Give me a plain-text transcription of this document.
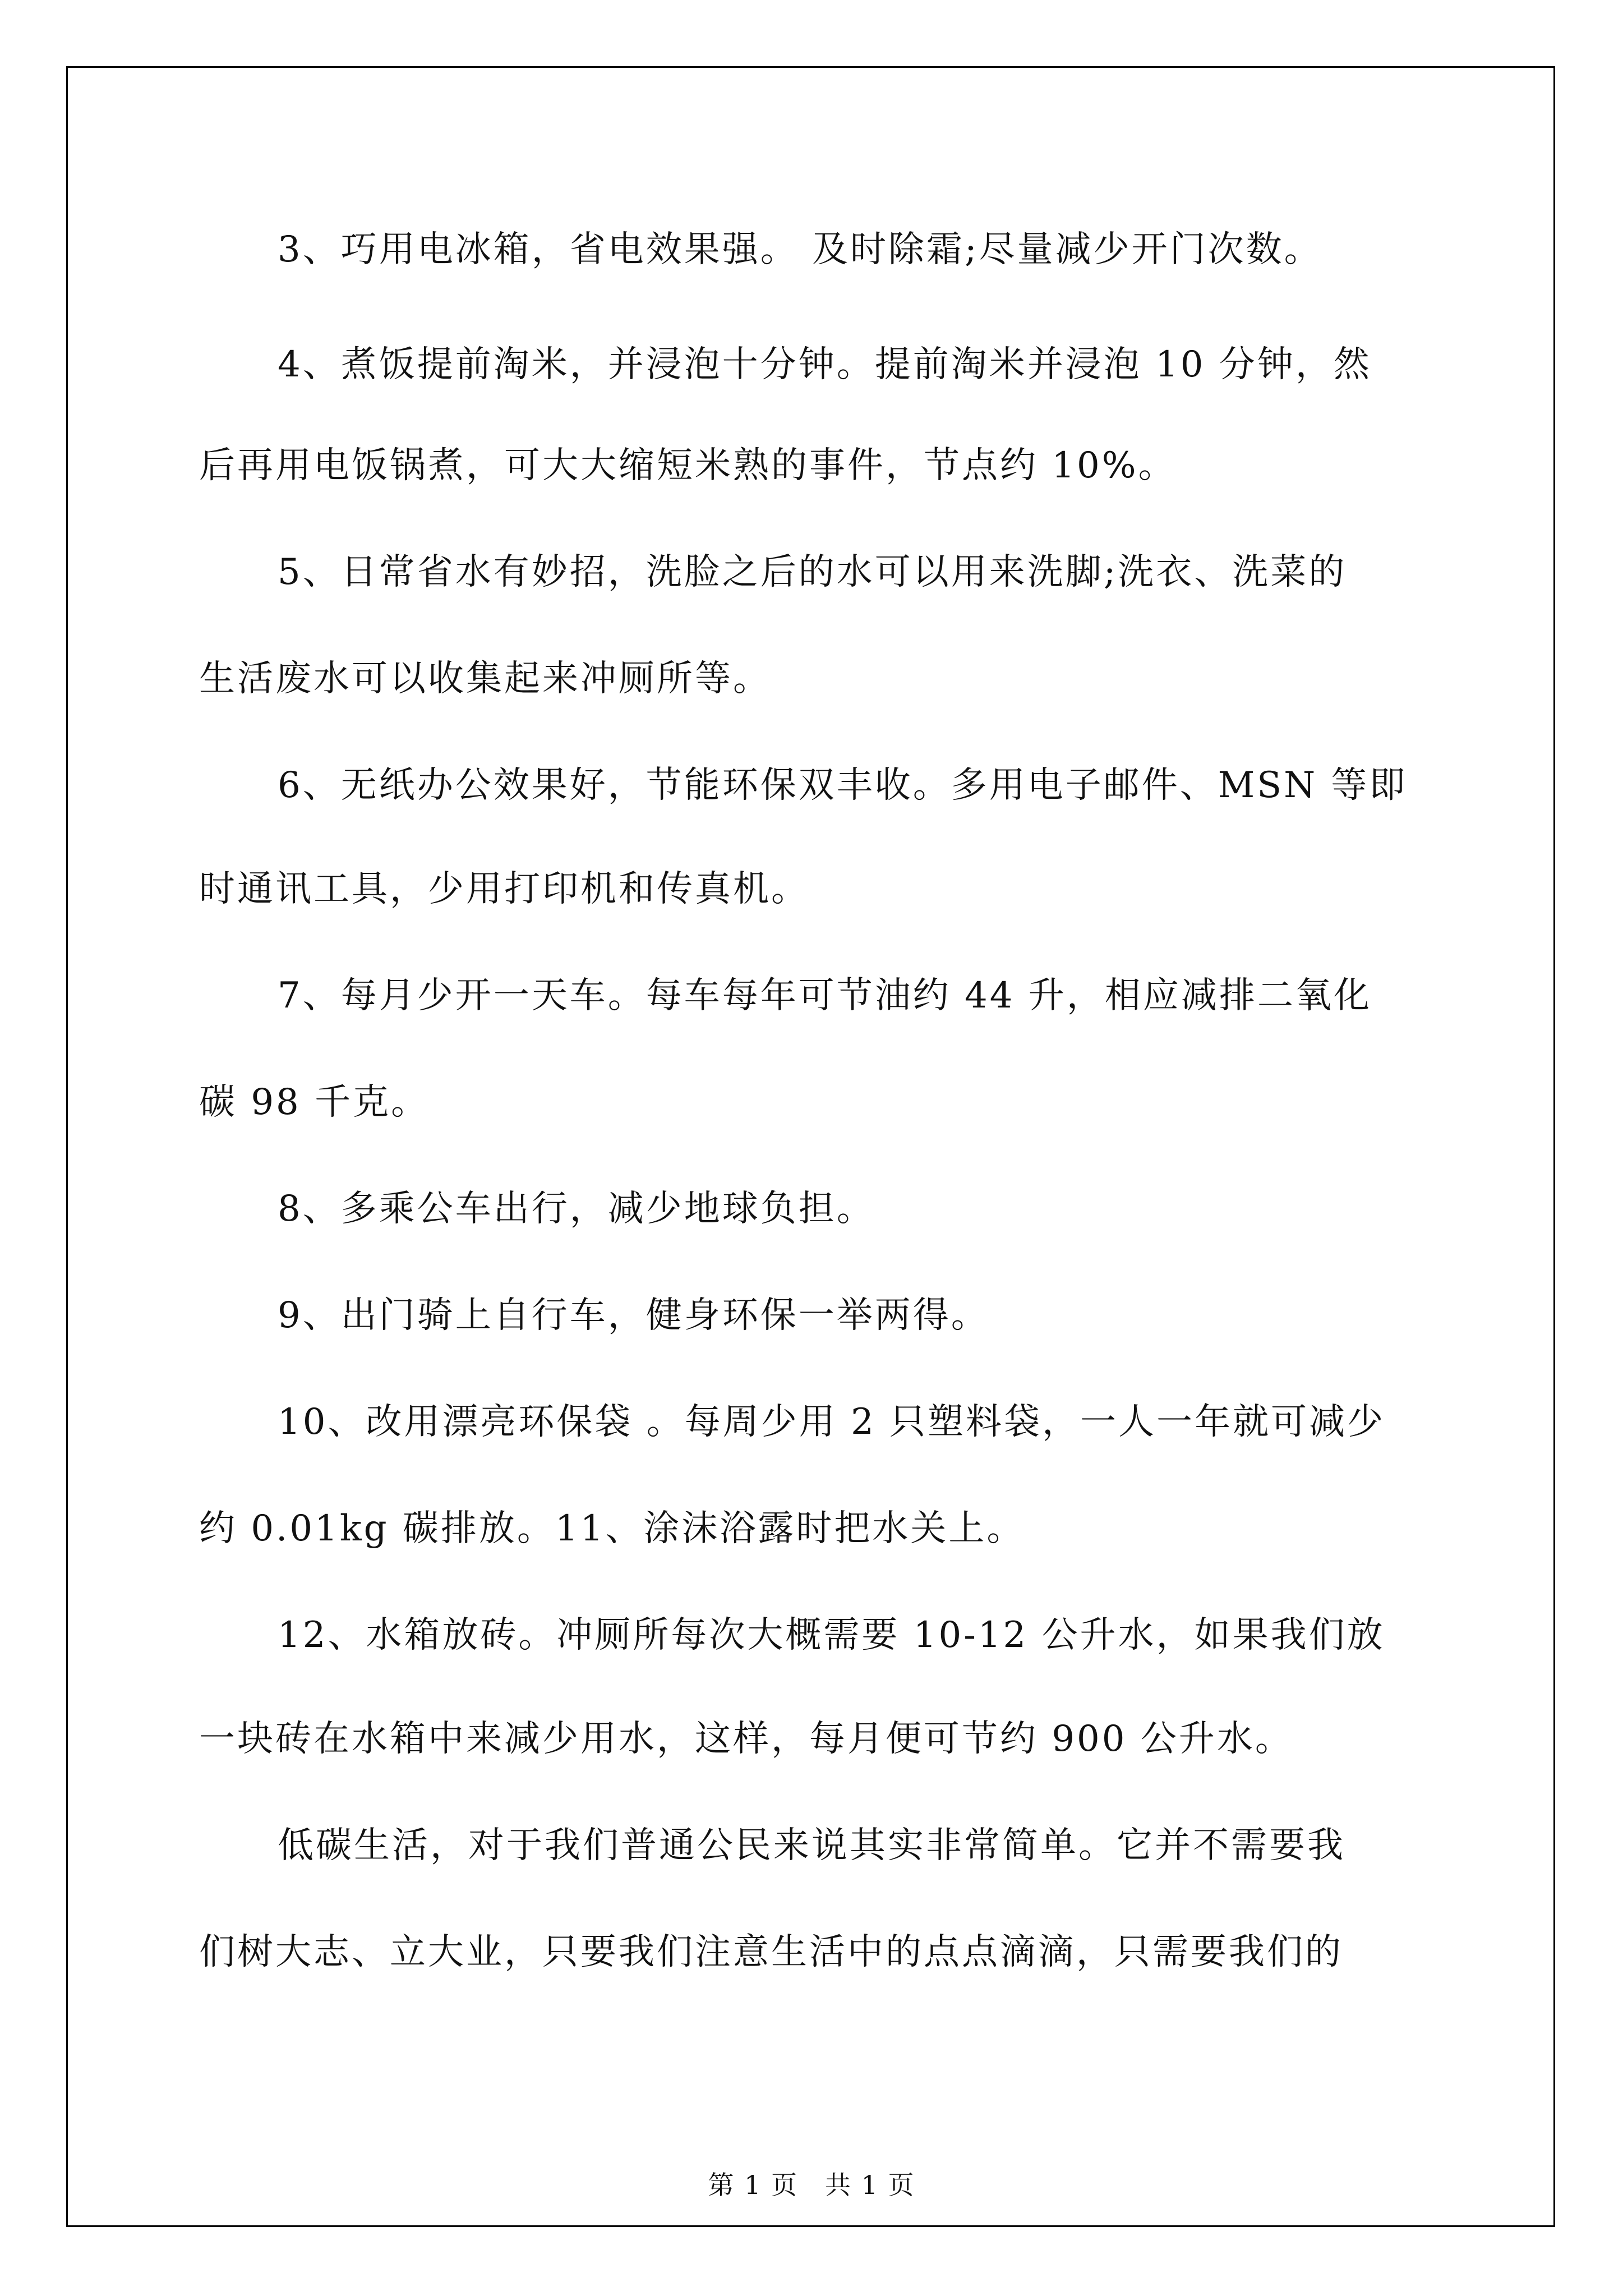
3、巧用电冰箱，省电效果强。 及时除霜;尽量减少开门次数。
4、煮饭提前淘米，并浸泡十分钟。提前淘米并浸泡 10 分钟，然
后再用电饭锅煮，可大大缩短米熟的事件，节点约 10%。
5、日常省水有妙招，洗脸之后的水可以用来洗脚;洗衣、洗菜的
生活废水可以收集起来冲厕所等。
6、无纸办公效果好，节能环保双丰收。多用电子邮件、MSN 等即
时通讯工具，少用打印机和传真机。
7、每月少开一天车。每车每年可节油约 44 升，相应减排二氧化
碳 98 千克。
8、多乘公车出行，减少地球负担。
9、出门骑上自行车，健身环保一举两得。
10、改用漂亮环保袋 。每周少用 2 只塑料袋，一人一年就可减少
约 0.01kg 碳排放。11、涂沫浴露时把水关上。
12、水箱放砖。冲厕所每次大概需要 10-12 公升水，如果我们放
一块砖在水箱中来减少用水，这样，每月便可节约 900 公升水。
低碳生活，对于我们普通公民来说其实非常简单。它并不需要我
们树大志、立大业，只要我们注意生活中的点点滴滴，只需要我们的
第 1 页　共 1 页
